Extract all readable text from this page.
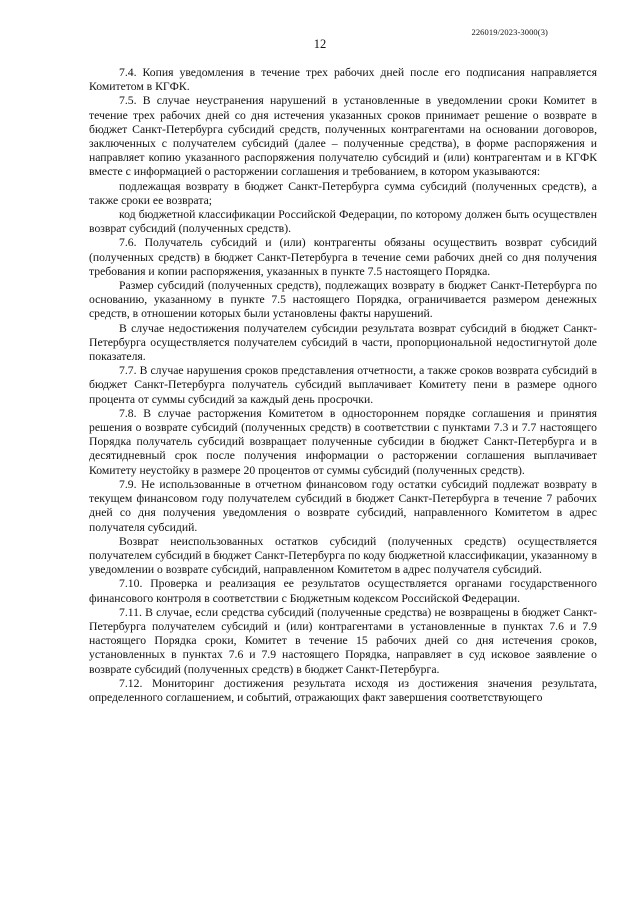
226019/2023-3000(3)
12

7.4. Копия уведомления в течение трех рабочих дней после его подписания направляется Комитетом в КГФК.

7.5. В случае неустранения нарушений в установленные в уведомлении сроки Комитет в течение трех рабочих дней со дня истечения указанных сроков принимает решение о возврате в бюджет Санкт-Петербурга субсидий средств, полученных контрагентами на основании договоров, заключенных с получателем субсидий (далее – полученные средства), в форме распоряжения и направляет копию указанного распоряжения получателю субсидий и (или) контрагентам и в КГФК вместе с информацией о расторжении соглашения и требованием, в котором указываются:

подлежащая возврату в бюджет Санкт-Петербурга сумма субсидий (полученных средств), а также сроки ее возврата;

код бюджетной классификации Российской Федерации, по которому должен быть осуществлен возврат субсидий (полученных средств).

7.6. Получатель субсидий и (или) контрагенты обязаны осуществить возврат субсидий (полученных средств) в бюджет Санкт-Петербурга в течение семи рабочих дней со дня получения требования и копии распоряжения, указанных в пункте 7.5 настоящего Порядка.

Размер субсидий (полученных средств), подлежащих возврату в бюджет Санкт-Петербурга по основанию, указанному в пункте 7.5 настоящего Порядка, ограничивается размером денежных средств, в отношении которых были установлены факты нарушений.

В случае недостижения получателем субсидии результата возврат субсидий в бюджет Санкт-Петербурга осуществляется получателем субсидий в части, пропорциональной недостигнутой доле показателя.

7.7. В случае нарушения сроков представления отчетности, а также сроков возврата субсидий в бюджет Санкт-Петербурга получатель субсидий выплачивает Комитету пени в размере одного процента от суммы субсидий за каждый день просрочки.

7.8. В случае расторжения Комитетом в одностороннем порядке соглашения и принятия решения о возврате субсидий (полученных средств) в соответствии с пунктами 7.3 и 7.7 настоящего Порядка получатель субсидий возвращает полученные субсидии в бюджет Санкт-Петербурга и в десятидневный срок после получения информации о расторжении соглашения выплачивает Комитету неустойку в размере 20 процентов от суммы субсидий (полученных средств).

7.9. Не использованные в отчетном финансовом году остатки субсидий подлежат возврату в текущем финансовом году получателем субсидий в бюджет Санкт-Петербурга в течение 7 рабочих дней со дня получения уведомления о возврате субсидий, направленного Комитетом в адрес получателя субсидий.

Возврат неиспользованных остатков субсидий (полученных средств) осуществляется получателем субсидий в бюджет Санкт-Петербурга по коду бюджетной классификации, указанному в уведомлении о возврате субсидий, направленном Комитетом в адрес получателя субсидий.

7.10. Проверка и реализация ее результатов осуществляется органами государственного финансового контроля в соответствии с Бюджетным кодексом Российской Федерации.

7.11. В случае, если средства субсидий (полученные средства) не возвращены в бюджет Санкт-Петербурга получателем субсидий и (или) контрагентами в установленные в пунктах 7.6 и 7.9 настоящего Порядка сроки, Комитет в течение 15 рабочих дней со дня истечения сроков, установленных в пунктах 7.6 и 7.9 настоящего Порядка, направляет в суд исковое заявление о возврате субсидий (полученных средств) в бюджет Санкт-Петербурга.

7.12. Мониторинг достижения результата исходя из достижения значения результата, определенного соглашением, и событий, отражающих факт завершения соответствующего
